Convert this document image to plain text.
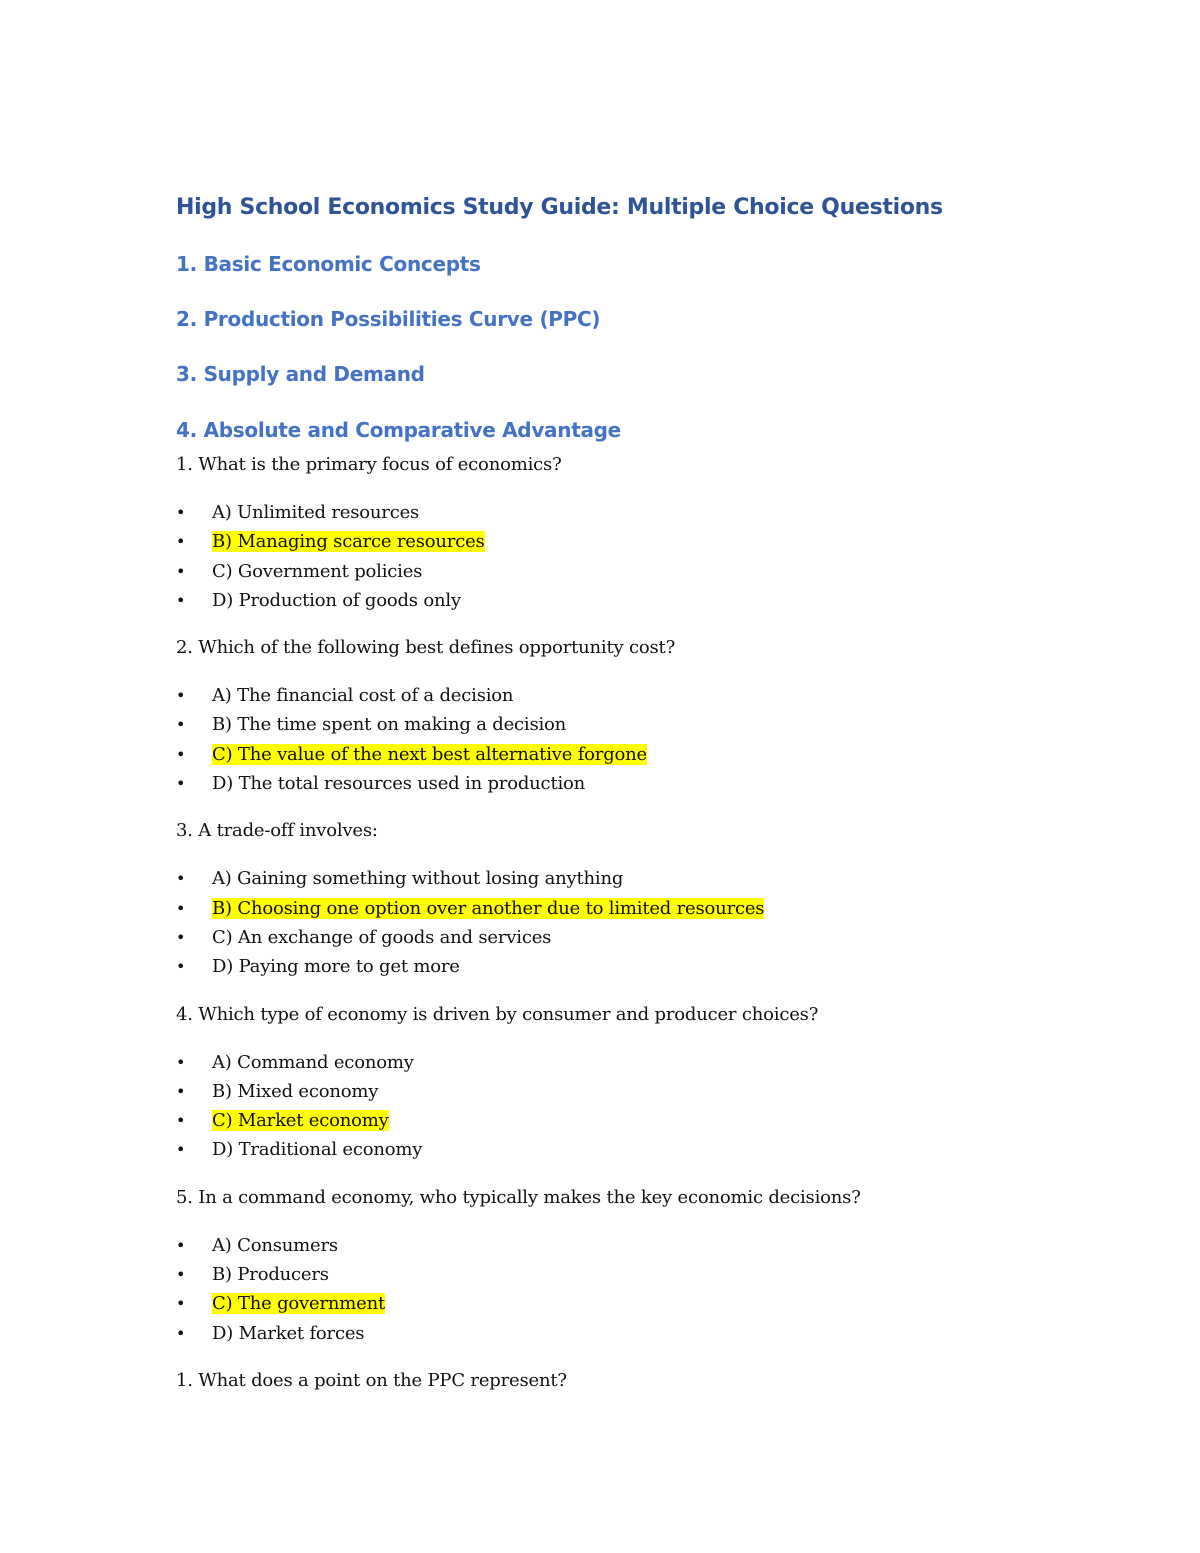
High School Economics Study Guide: Multiple Choice Questions
1. Basic Economic Concepts
2. Production Possibilities Curve (PPC)
3. Supply and Demand
4. Absolute and Comparative Advantage

1. What is the primary focus of economics?

A) Unlimited resources
B) Managing scarce resources
C) Government policies
D) Production of goods only

2. Which of the following best defines opportunity cost?

A) The financial cost of a decision
B) The time spent on making a decision
C) The value of the next best alternative forgone
D) The total resources used in production

3. A trade-off involves:

A) Gaining something without losing anything
B) Choosing one option over another due to limited resources
C) An exchange of goods and services
D) Paying more to get more

4. Which type of economy is driven by consumer and producer choices?

A) Command economy
B) Mixed economy
C) Market economy
D) Traditional economy

5. In a command economy, who typically makes the key economic decisions?

A) Consumers
B) Producers
C) The government
D) Market forces

1. What does a point on the PPC represent?
